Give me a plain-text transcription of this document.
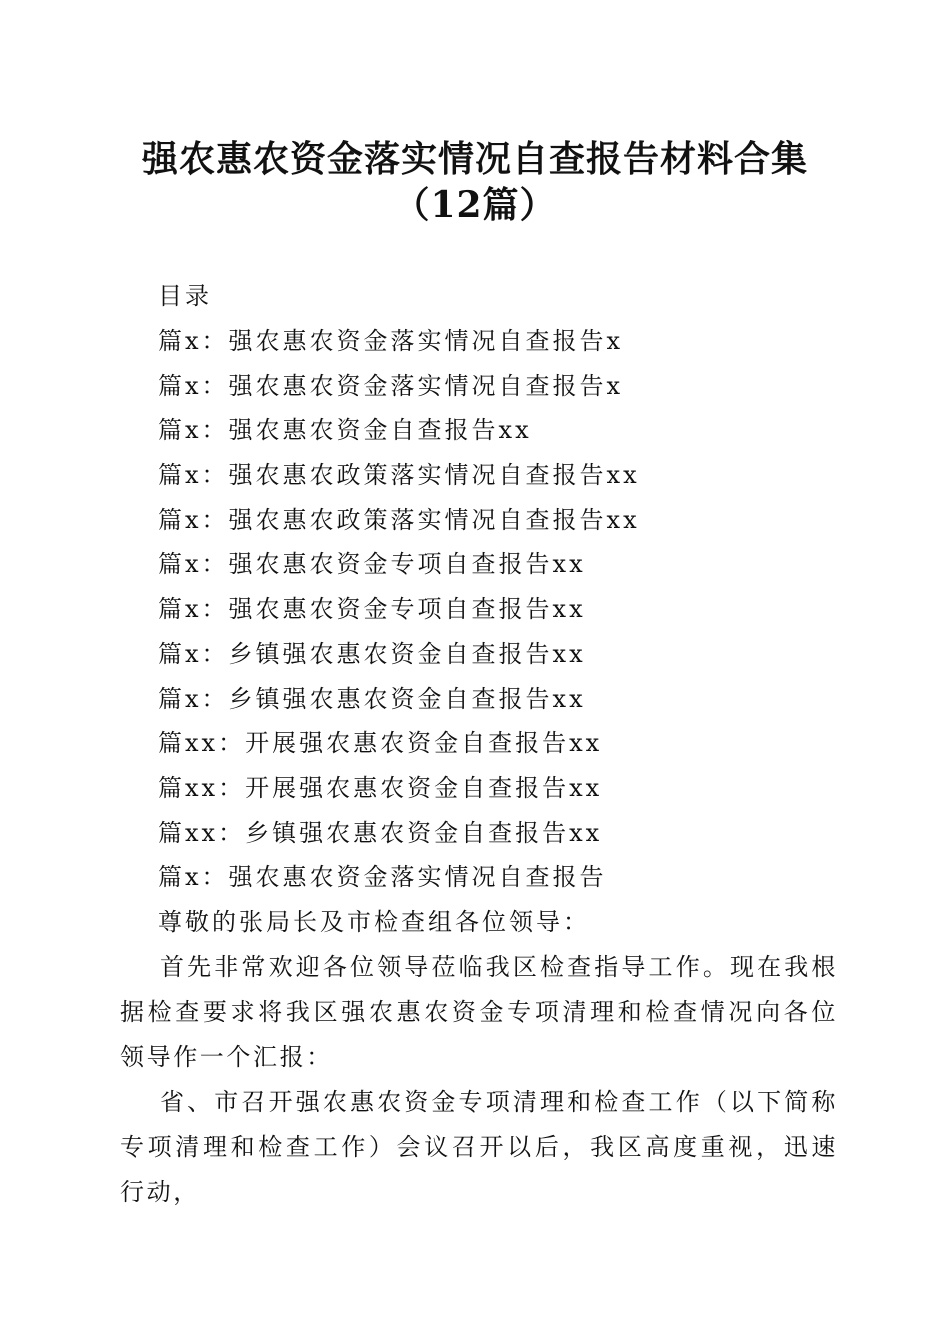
强农惠农资金落实情况自查报告材料合集（12篇）

目录

篇x：强农惠农资金落实情况自查报告x
篇x：强农惠农资金落实情况自查报告x
篇x：强农惠农资金自查报告xx
篇x：强农惠农政策落实情况自查报告xx
篇x：强农惠农政策落实情况自查报告xx
篇x：强农惠农资金专项自查报告xx
篇x：强农惠农资金专项自查报告xx
篇x：乡镇强农惠农资金自查报告xx
篇x：乡镇强农惠农资金自查报告xx
篇xx：开展强农惠农资金自查报告xx
篇xx：开展强农惠农资金自查报告xx
篇xx：乡镇强农惠农资金自查报告xx
篇x：强农惠农资金落实情况自查报告

尊敬的张局长及市检查组各位领导：

首先非常欢迎各位领导莅临我区检查指导工作。现在我根据检查要求将我区强农惠农资金专项清理和检查情况向各位领导作一个汇报：

省、市召开强农惠农资金专项清理和检查工作（以下简称专项清理和检查工作）会议召开以后，我区高度重视，迅速行动，
